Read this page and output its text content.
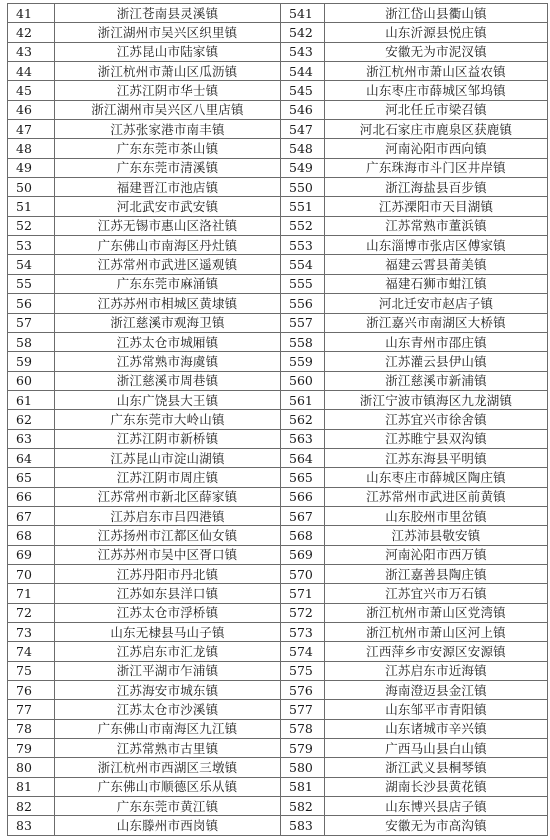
41	浙江苍南县灵溪镇	541	浙江岱山县衢山镇
42	浙江湖州市吴兴区织里镇	542	山东沂源县悦庄镇
43	江苏昆山市陆家镇	543	安徽无为市泥汊镇
44	浙江杭州市萧山区瓜沥镇	544	浙江杭州市萧山区益农镇
45	江苏江阴市华士镇	545	山东枣庄市薛城区邹坞镇
46	浙江湖州市吴兴区八里店镇	546	河北任丘市梁召镇
47	江苏张家港市南丰镇	547	河北石家庄市鹿泉区获鹿镇
48	广东东莞市茶山镇	548	河南沁阳市西向镇
49	广东东莞市清溪镇	549	广东珠海市斗门区井岸镇
50	福建晋江市池店镇	550	浙江海盐县百步镇
51	河北武安市武安镇	551	江苏溧阳市天目湖镇
52	江苏无锡市惠山区洛社镇	552	江苏常熟市董浜镇
53	广东佛山市南海区丹灶镇	553	山东淄博市张店区傅家镇
54	江苏常州市武进区遥观镇	554	福建云霄县莆美镇
55	广东东莞市麻涌镇	555	福建石狮市蚶江镇
56	江苏苏州市相城区黄埭镇	556	河北迁安市赵店子镇
57	浙江慈溪市观海卫镇	557	浙江嘉兴市南湖区大桥镇
58	江苏太仓市城厢镇	558	山东青州市邵庄镇
59	江苏常熟市海虞镇	559	江苏灌云县伊山镇
60	浙江慈溪市周巷镇	560	浙江慈溪市新浦镇
61	山东广饶县大王镇	561	浙江宁波市镇海区九龙湖镇
62	广东东莞市大岭山镇	562	江苏宜兴市徐舍镇
63	江苏江阴市新桥镇	563	江苏睢宁县双沟镇
64	江苏昆山市淀山湖镇	564	江苏东海县平明镇
65	江苏江阴市周庄镇	565	山东枣庄市薛城区陶庄镇
66	江苏常州市新北区薛家镇	566	江苏常州市武进区前黄镇
67	江苏启东市吕四港镇	567	山东胶州市里岔镇
68	江苏扬州市江都区仙女镇	568	江苏沛县敬安镇
69	江苏苏州市吴中区胥口镇	569	河南沁阳市西万镇
70	江苏丹阳市丹北镇	570	浙江嘉善县陶庄镇
71	江苏如东县洋口镇	571	江苏宜兴市万石镇
72	江苏太仓市浮桥镇	572	浙江杭州市萧山区党湾镇
73	山东无棣县马山子镇	573	浙江杭州市萧山区河上镇
74	江苏启东市汇龙镇	574	江西萍乡市安源区安源镇
75	浙江平湖市乍浦镇	575	江苏启东市近海镇
76	江苏海安市城东镇	576	海南澄迈县金江镇
77	江苏太仓市沙溪镇	577	山东邹平市青阳镇
78	广东佛山市南海区九江镇	578	山东诸城市辛兴镇
79	江苏常熟市古里镇	579	广西马山县白山镇
80	浙江杭州市西湖区三墩镇	580	浙江武义县桐琴镇
81	广东佛山市顺德区乐从镇	581	湖南长沙县黄花镇
82	广东东莞市黄江镇	582	山东博兴县店子镇
83	山东滕州市西岗镇	583	安徽无为市高沟镇
